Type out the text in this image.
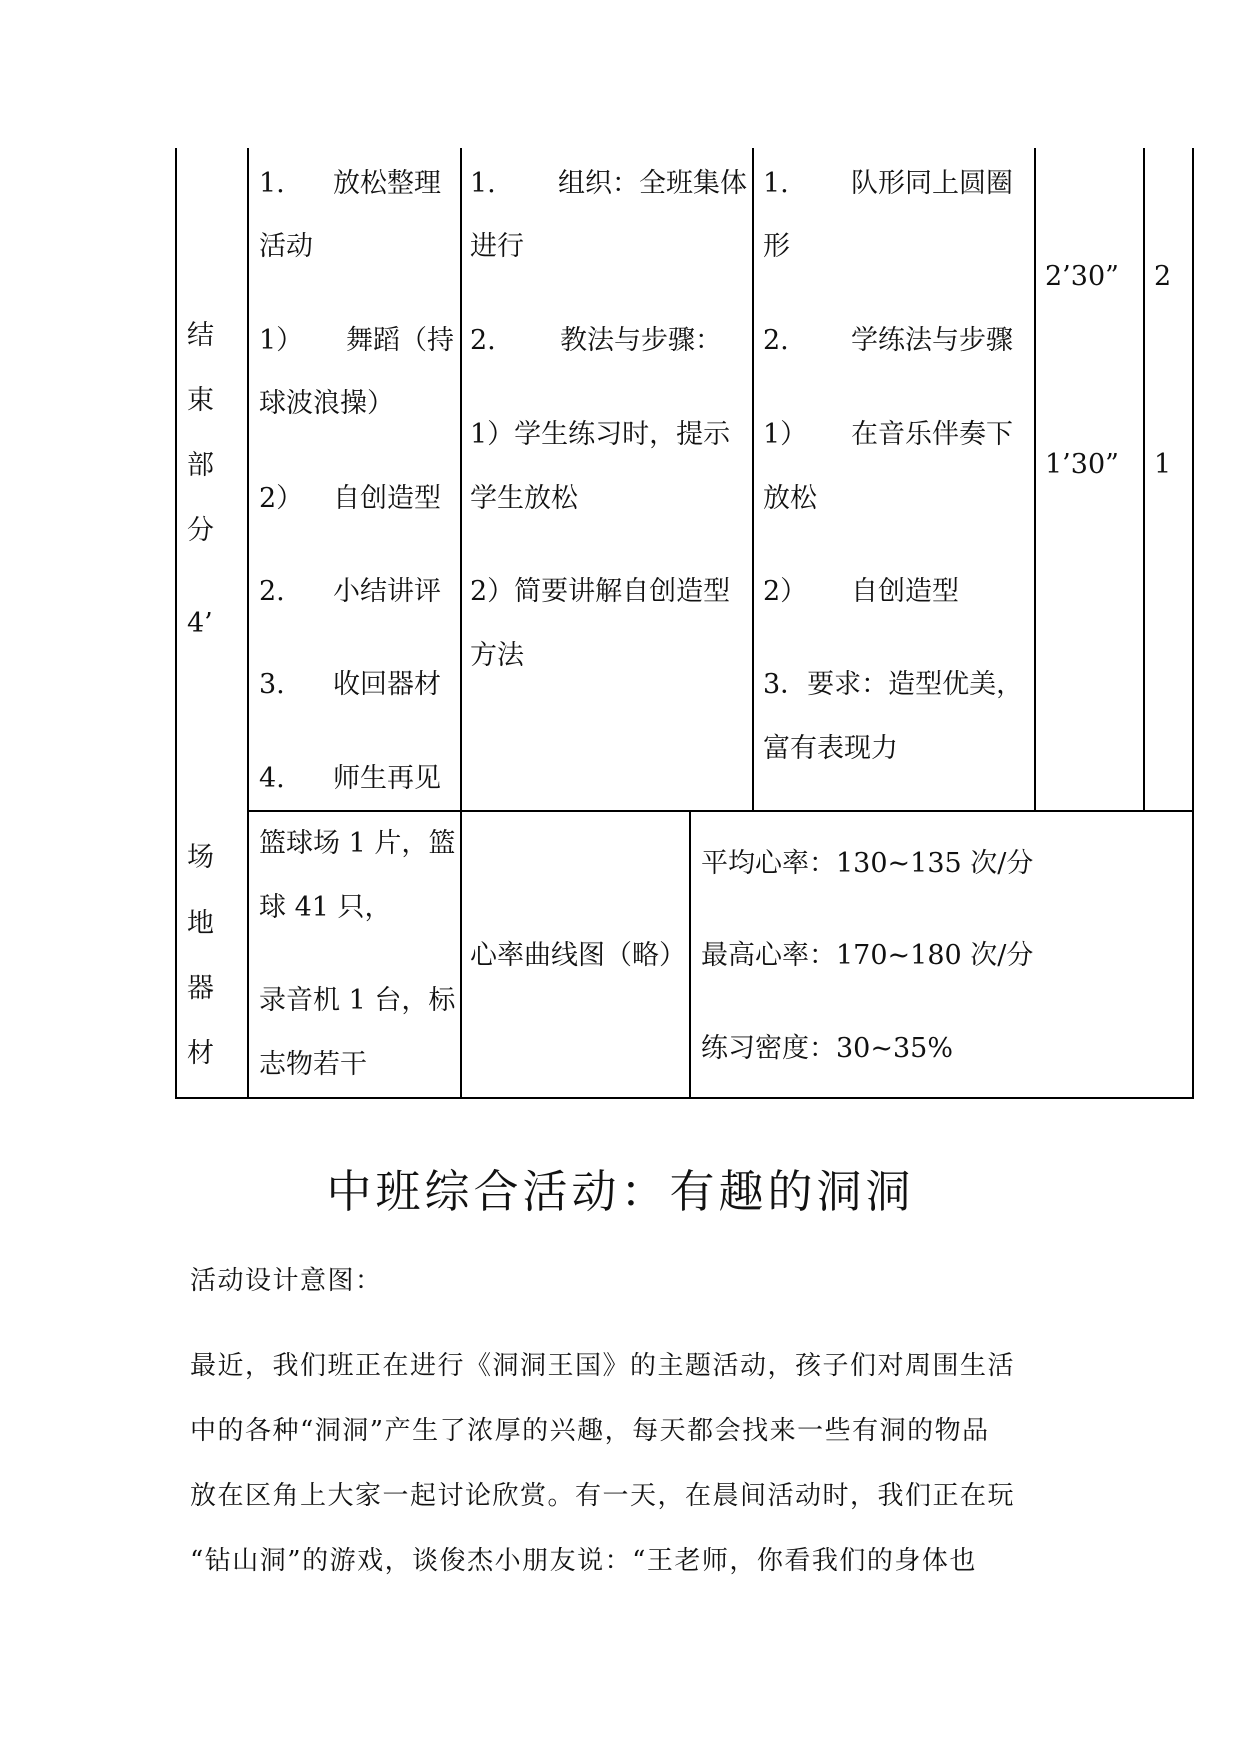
结
束
部
分
4’
1. 放松整理
活动
1） 舞蹈（持
球波浪操）
2） 自创造型
2. 小结讲评
3. 收回器材
4. 师生再见
1. 组织：全班集体
进行
2. 教法与步骤：
1）学生练习时，提示
学生放松
2）简要讲解自创造型
方法
1. 队形同上圆圈
形
2. 学练法与步骤
1） 在音乐伴奏下
放松
2） 自创造型
3．要求：造型优美，
富有表现力
2’30”
1’30”
2
1
场
地
器
材
篮球场 1 片，篮
球 41 只，
录音机 1 台，标
志物若干
心率曲线图（略）
平均心率：130~135 次/分
最高心率：170~180 次/分
练习密度：30~35%
中班综合活动：有趣的洞洞
活动设计意图：
最近，我们班正在进行《洞洞王国》的主题活动，孩子们对周围生活
中的各种“洞洞”产生了浓厚的兴趣，每天都会找来一些有洞的物品
放在区角上大家一起讨论欣赏。有一天，在晨间活动时，我们正在玩
“钻山洞”的游戏，谈俊杰小朋友说：“王老师，你看我们的身体也
